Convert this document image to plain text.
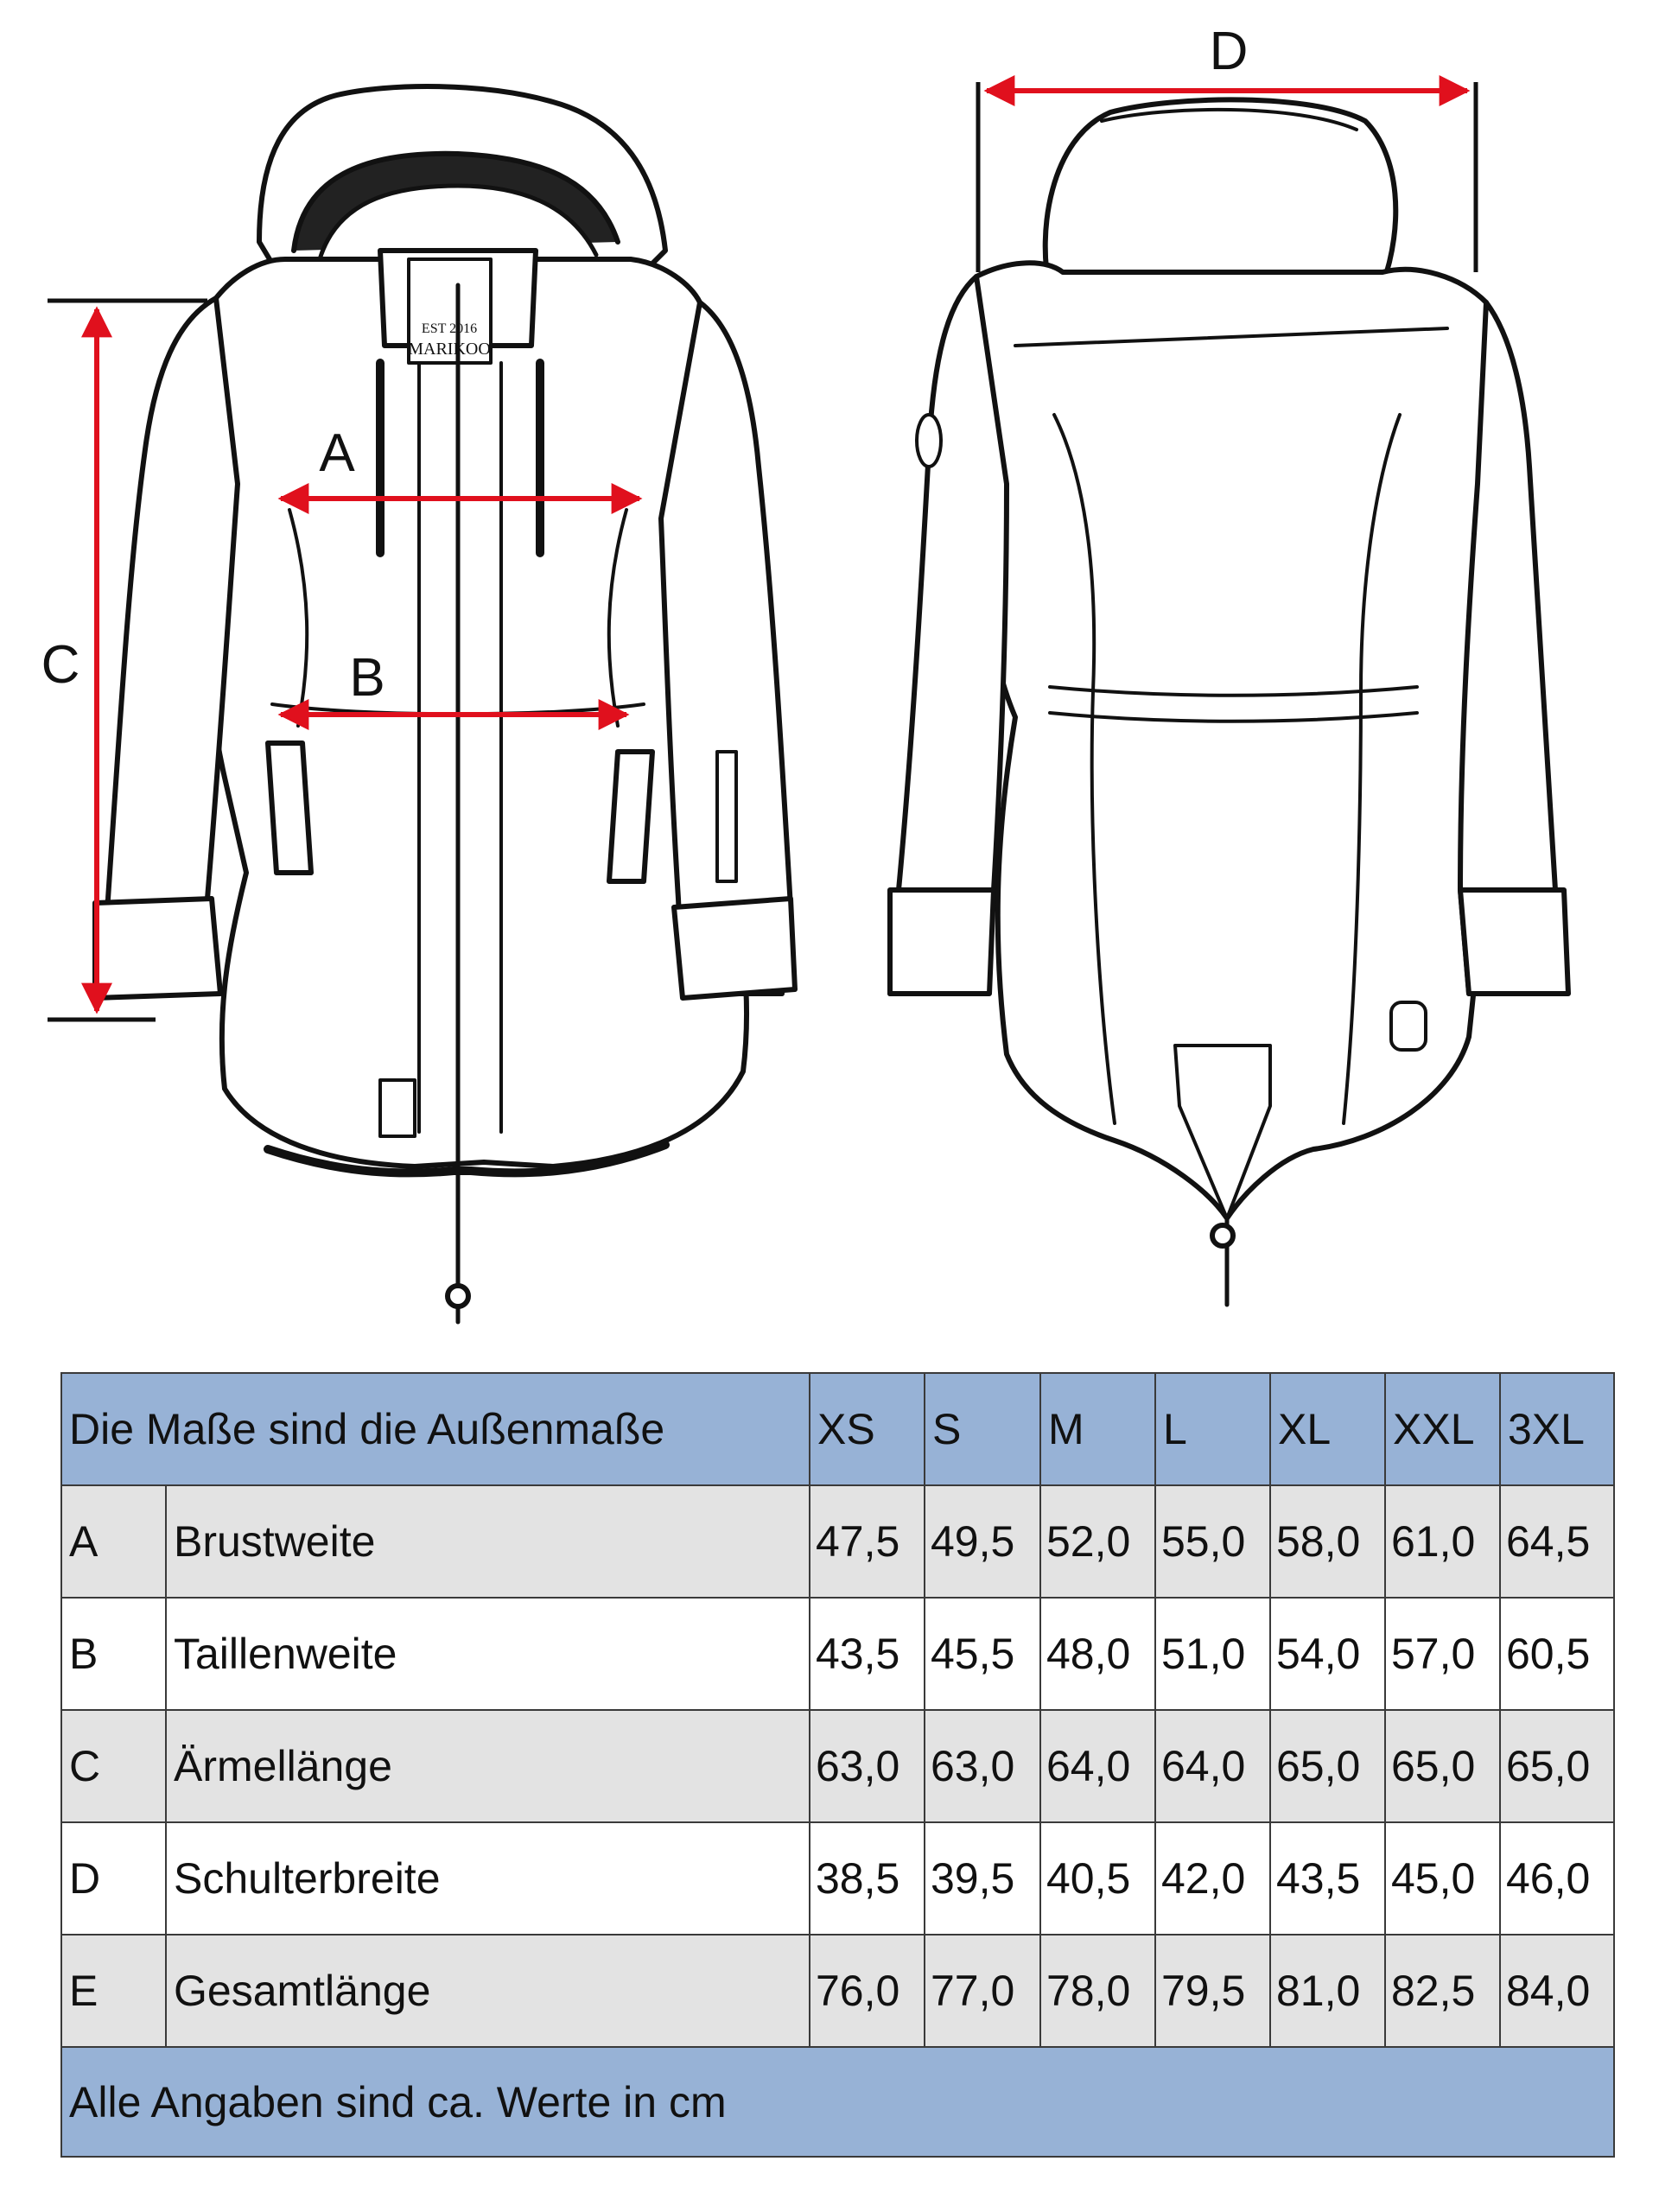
MARIKOO
EST 2016
A
B
C
D
Die Maße sind die Außenmaße		XS	S	M	L	XL	XXL	3XL
A	Brustweite	47,5	49,5	52,0	55,0	58,0	61,0	64,5
B	Taillenweite	43,5	45,5	48,0	51,0	54,0	57,0	60,5
C	Ärmellänge	63,0	63,0	64,0	64,0	65,0	65,0	65,0
D	Schulterbreite	38,5	39,5	40,5	42,0	43,5	45,0	46,0
E	Gesamtlänge	76,0	77,0	78,0	79,5	81,0	82,5	84,0
Alle Angaben sind ca. Werte in cm								
